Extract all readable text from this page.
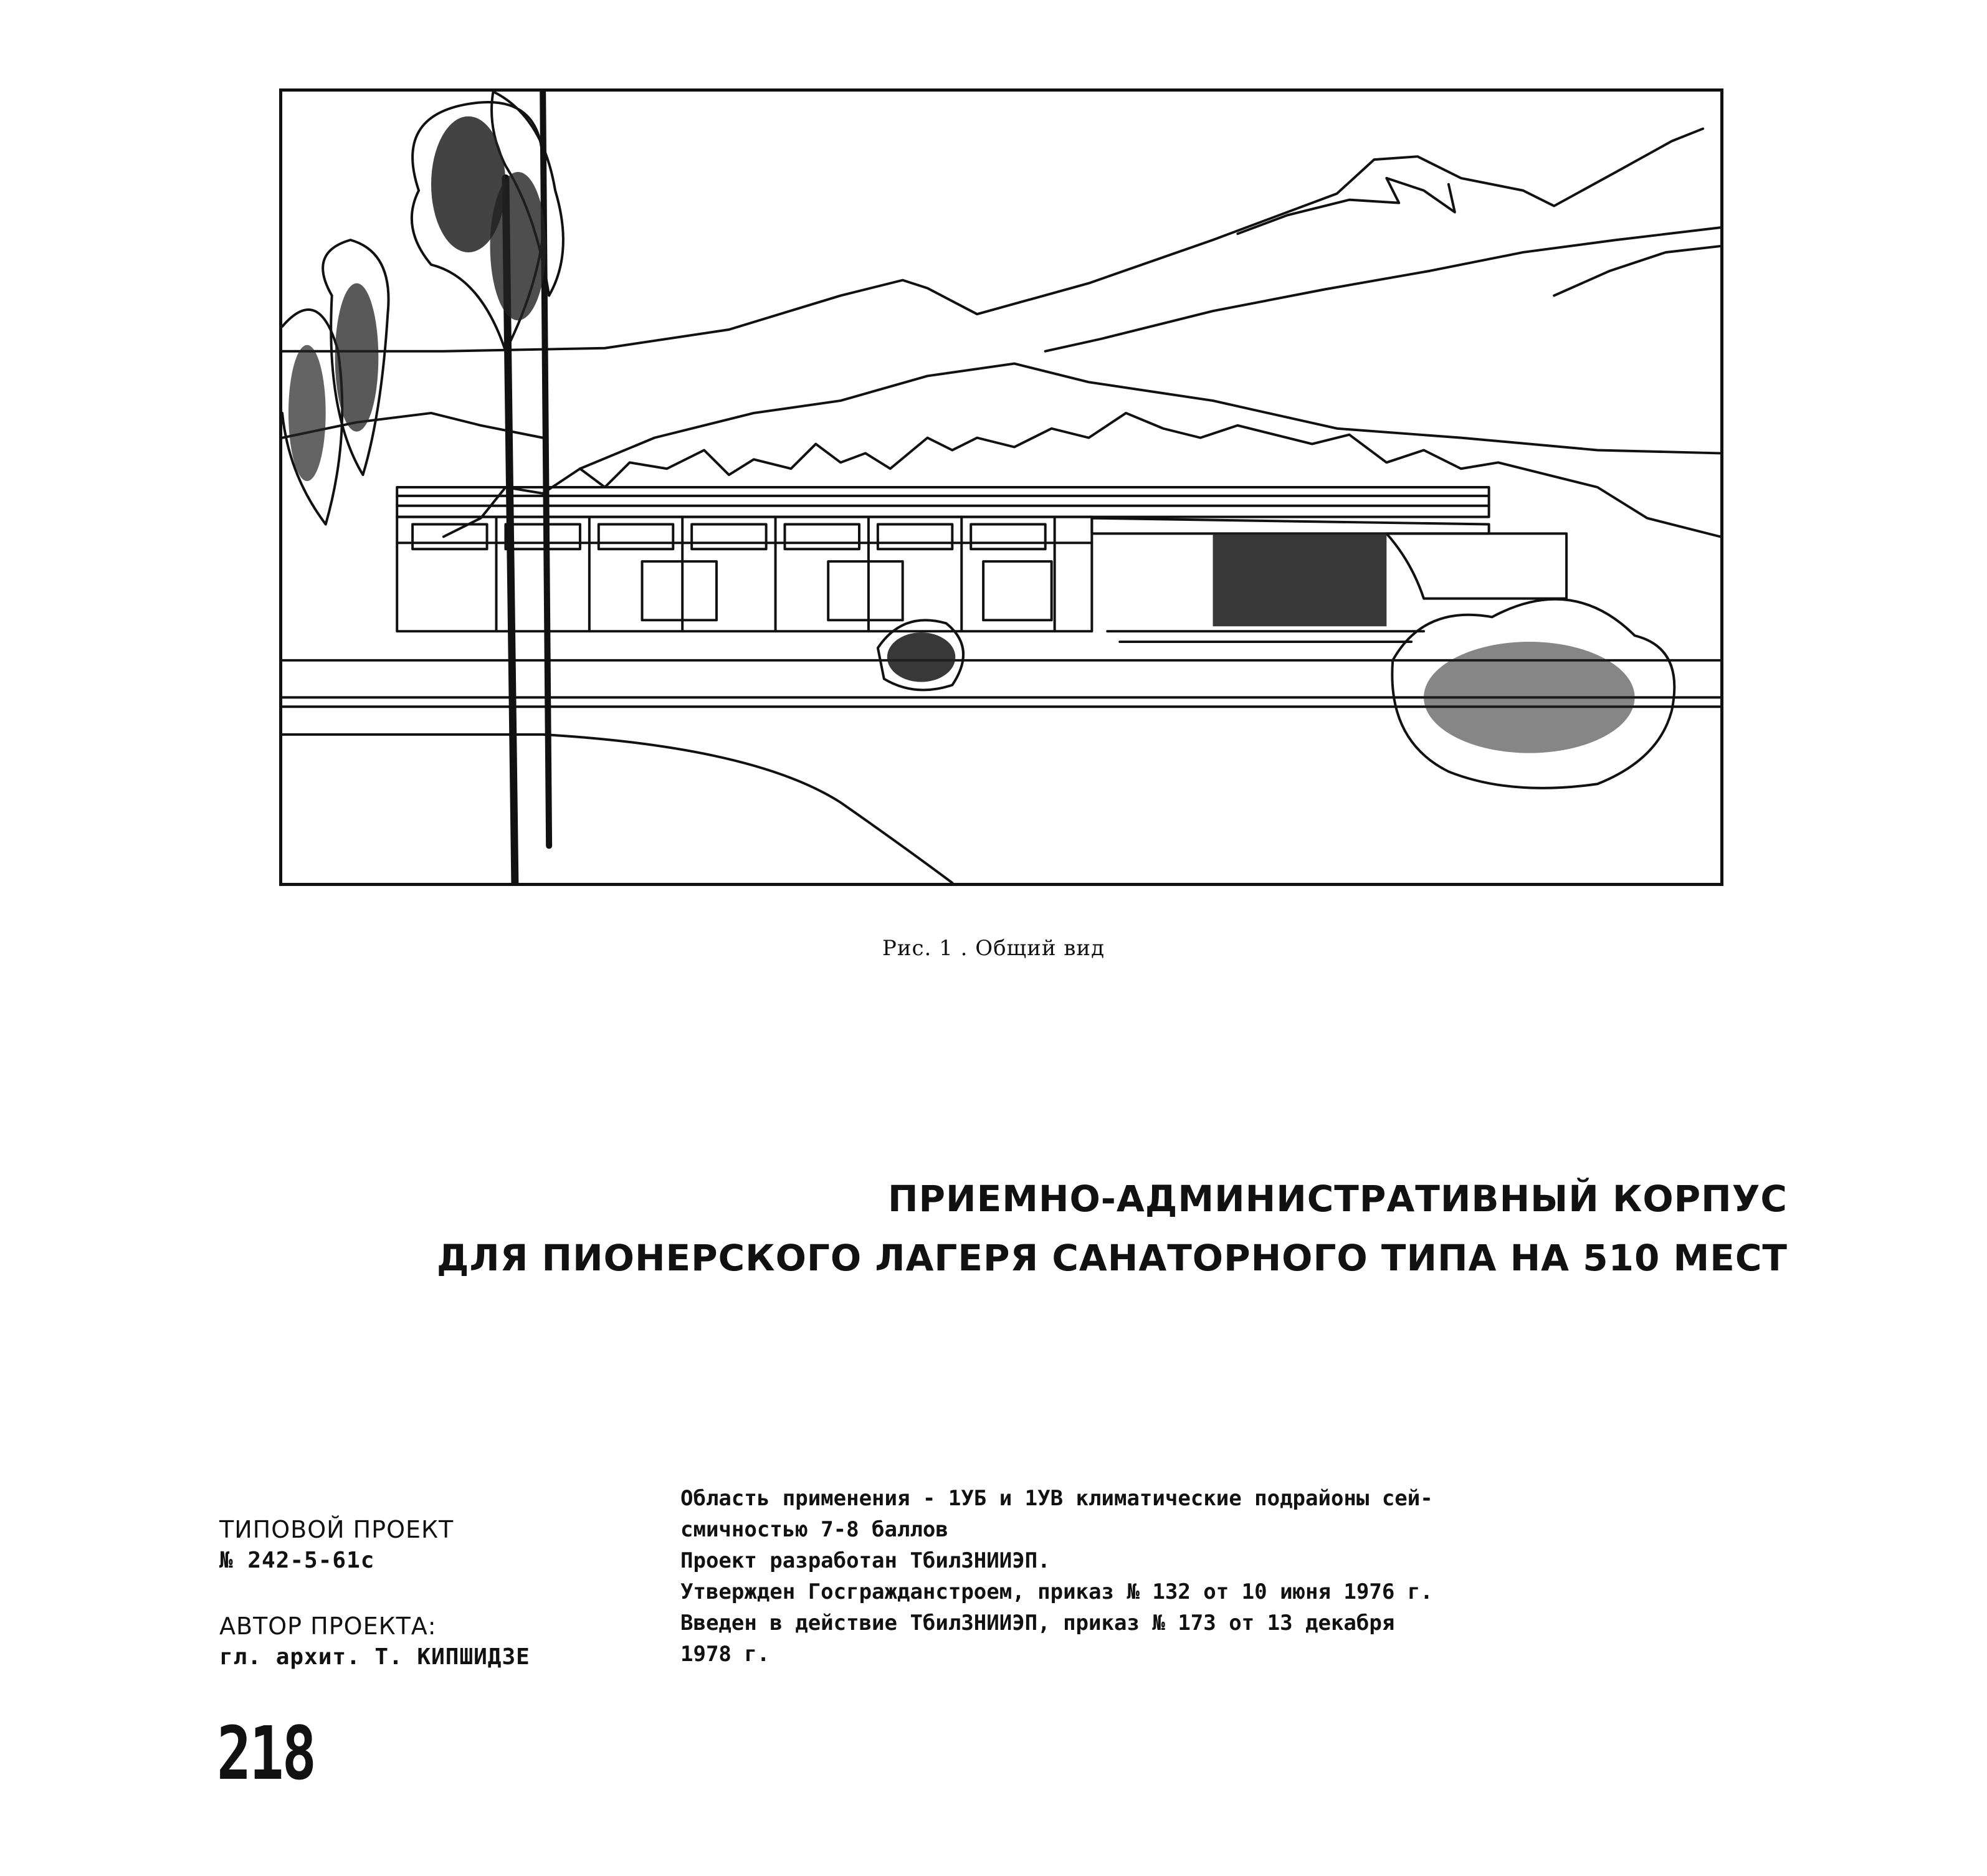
Рис. 1 . Общий вид
ПРИЕМНО-АДМИНИСТРАТИВНЫЙ КОРПУС
ДЛЯ ПИОНЕРСКОГО ЛАГЕРЯ САНАТОРНОГО ТИПА НА 510 МЕСТ
ТИПОВОЙ ПРОЕКТ
№ 242-5-61с
АВТОР ПРОЕКТА:
гл. архит. Т. КИПШИДЗЕ
Область применения - 1УБ и 1УВ климатические подрайоны сей-
смичностью 7-8 баллов
Проект разработан ТбилЗНИИЭП.
Утвержден Госгражданстроем, приказ № 132 от 10 июня 1976 г.
Введен в действие ТбилЗНИИЭП, приказ № 173 от 13 декабря
1978 г.
218
